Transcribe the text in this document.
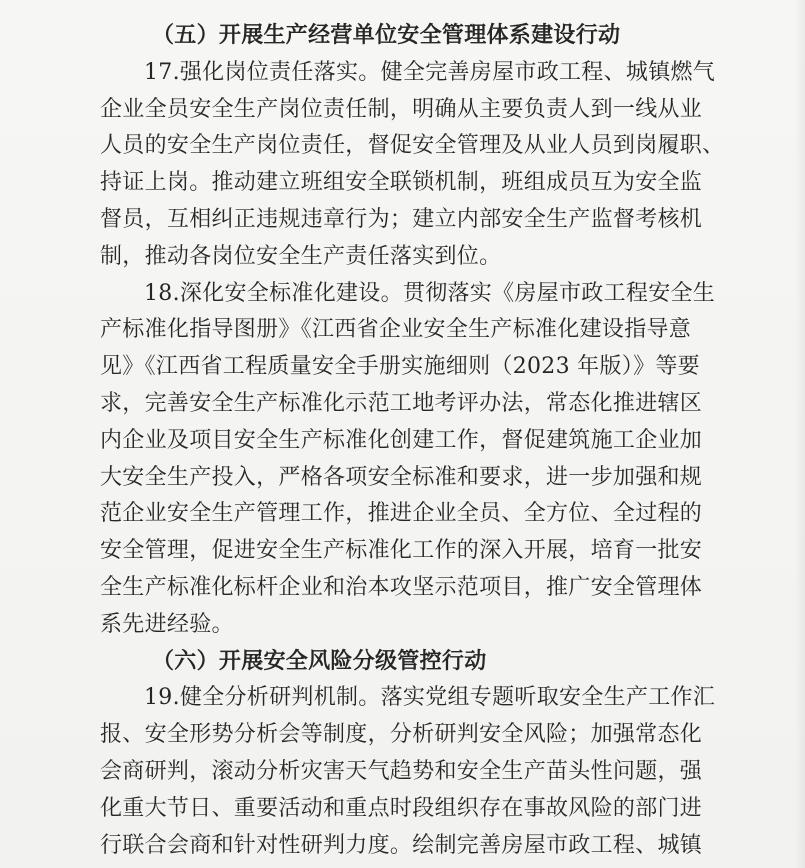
（五）开展生产经营单位安全管理体系建设行动
17.强化岗位责任落实。健全完善房屋市政工程、城镇燃气
企业全员安全生产岗位责任制，明确从主要负责人到一线从业
人员的安全生产岗位责任，督促安全管理及从业人员到岗履职、
持证上岗。推动建立班组安全联锁机制，班组成员互为安全监
督员，互相纠正违规违章行为；建立内部安全生产监督考核机
制，推动各岗位安全生产责任落实到位。
18.深化安全标准化建设。贯彻落实《房屋市政工程安全生
产标准化指导图册》《江西省企业安全生产标准化建设指导意
见》《江西省工程质量安全手册实施细则（2023 年版）》等要
求，完善安全生产标准化示范工地考评办法，常态化推进辖区
内企业及项目安全生产标准化创建工作，督促建筑施工企业加
大安全生产投入，严格各项安全标准和要求，进一步加强和规
范企业安全生产管理工作，推进企业全员、全方位、全过程的
安全管理，促进安全生产标准化工作的深入开展，培育一批安
全生产标准化标杆企业和治本攻坚示范项目，推广安全管理体
系先进经验。
（六）开展安全风险分级管控行动
19.健全分析研判机制。落实党组专题听取安全生产工作汇
报、安全形势分析会等制度，分析研判安全风险；加强常态化
会商研判，滚动分析灾害天气趋势和安全生产苗头性问题，强
化重大节日、重要活动和重点时段组织存在事故风险的部门进
行联合会商和针对性研判力度。绘制完善房屋市政工程、城镇
